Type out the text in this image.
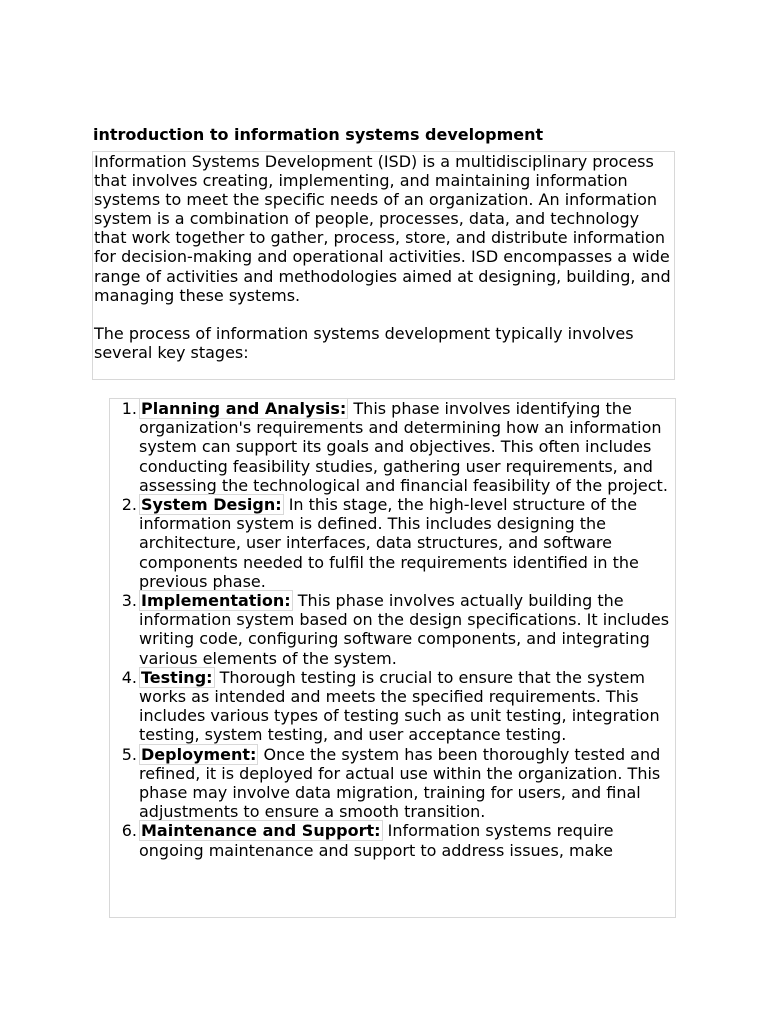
introduction to information systems development

Information Systems Development (ISD) is a multidisciplinary process that involves creating, implementing, and maintaining information systems to meet the specific needs of an organization. An information system is a combination of people, processes, data, and technology that work together to gather, process, store, and distribute information for decision-making and operational activities. ISD encompasses a wide range of activities and methodologies aimed at designing, building, and managing these systems.

The process of information systems development typically involves several key stages:

1. Planning and Analysis: This phase involves identifying the organization's requirements and determining how an information system can support its goals and objectives. This often includes conducting feasibility studies, gathering user requirements, and assessing the technological and financial feasibility of the project.
2. System Design: In this stage, the high-level structure of the information system is defined. This includes designing the architecture, user interfaces, data structures, and software components needed to fulfil the requirements identified in the previous phase.
3. Implementation: This phase involves actually building the information system based on the design specifications. It includes writing code, configuring software components, and integrating various elements of the system.
4. Testing: Thorough testing is crucial to ensure that the system works as intended and meets the specified requirements. This includes various types of testing such as unit testing, integration testing, system testing, and user acceptance testing.
5. Deployment: Once the system has been thoroughly tested and refined, it is deployed for actual use within the organization. This phase may involve data migration, training for users, and final adjustments to ensure a smooth transition.
6. Maintenance and Support: Information systems require ongoing maintenance and support to address issues, make
